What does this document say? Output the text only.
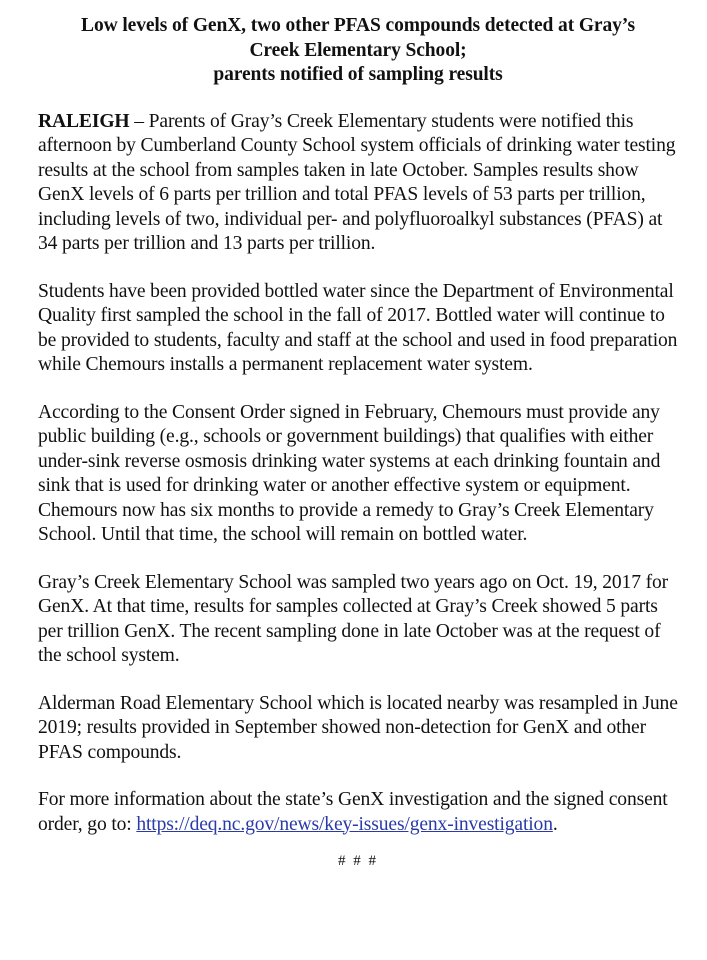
Low levels of GenX, two other PFAS compounds detected at Gray’s
Creek Elementary School;
parents notified of sampling results

RALEIGH – Parents of Gray’s Creek Elementary students were notified this afternoon by Cumberland County School system officials of drinking water testing results at the school from samples taken in late October. Samples results show GenX levels of 6 parts per trillion and total PFAS levels of 53 parts per trillion, including levels of two, individual per- and polyfluoroalkyl substances (PFAS) at 34 parts per trillion and 13 parts per trillion.

Students have been provided bottled water since the Department of Environmental Quality first sampled the school in the fall of 2017. Bottled water will continue to be provided to students, faculty and staff at the school and used in food preparation while Chemours installs a permanent replacement water system.

According to the Consent Order signed in February, Chemours must provide any public building (e.g., schools or government buildings) that qualifies with either under-sink reverse osmosis drinking water systems at each drinking fountain and sink that is used for drinking water or another effective system or equipment. Chemours now has six months to provide a remedy to Gray’s Creek Elementary School. Until that time, the school will remain on bottled water.

Gray’s Creek Elementary School was sampled two years ago on Oct. 19, 2017 for GenX. At that time, results for samples collected at Gray’s Creek showed 5 parts per trillion GenX. The recent sampling done in late October was at the request of the school system.

Alderman Road Elementary School which is located nearby was resampled in June 2019; results provided in September showed non-detection for GenX and other PFAS compounds.

For more information about the state’s GenX investigation and the signed consent order, go to: https://deq.nc.gov/news/key-issues/genx-investigation.

# # #
